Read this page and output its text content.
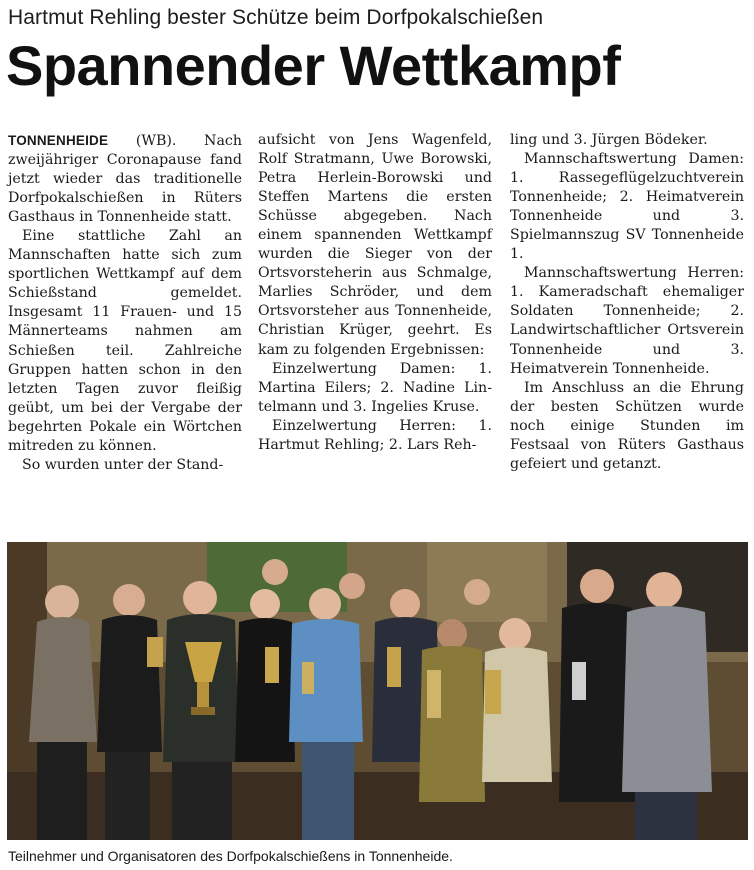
Hartmut Rehling bester Schütze beim Dorfpokalschießen
Spannender Wettkampf

TONNENHEIDE (WB). Nach zweijähriger Coronapause fand jetzt wieder das traditionelle Dorfpokalschießen in Rüters Gasthaus in Tonnenheide statt.

Eine stattliche Zahl an Mannschaften hatte sich zum sportlichen Wettkampf auf dem Schießstand gemeldet. Insgesamt 11 Frauen- und 15 Männerteams nahmen am Schießen teil. Zahlreiche Gruppen hatten schon in den letzten Tagen zuvor fleißig geübt, um bei der Vergabe der begehrten Pokale ein Wörtchen mitreden zu können.

So wurden unter der Stand-

aufsicht von Jens Wagenfeld, Rolf Stratmann, Uwe Borowski, Petra Herlein-Borowski und Steffen Martens die ersten Schüsse abgegeben. Nach einem spannenden Wettkampf wurden die Sieger von der Ortsvorsteherin aus Schmalge, Marlies Schröder, und dem Ortsvorsteher aus Tonnenheide, Christian Krüger, geehrt. Es kam zu folgenden Ergebnissen:

Einzelwertung Damen: 1. Martina Eilers; 2. Nadine Lintelmann und 3. Ingelies Kruse.

Einzelwertung Herren: 1. Hartmut Rehling; 2. Lars Reh-

ling und 3. Jürgen Bödeker.

Mannschaftswertung Damen: 1. Rassegeflügelzuchtverein Tonnenheide; 2. Heimatverein Tonnenheide und 3. Spielmannszug SV Tonnenheide 1.

Mannschaftswertung Herren: 1. Kameradschaft ehemaliger Soldaten Tonnenheide; 2. Landwirtschaftlicher Ortsverein Tonnenheide und 3. Heimatverein Tonnenheide.

Im Anschluss an die Ehrung der besten Schützen wurde noch einige Stunden im Festsaal von Rüters Gasthaus gefeiert und getanzt.

Teilnehmer und Organisatoren des Dorfpokalschießens in Tonnenheide.
